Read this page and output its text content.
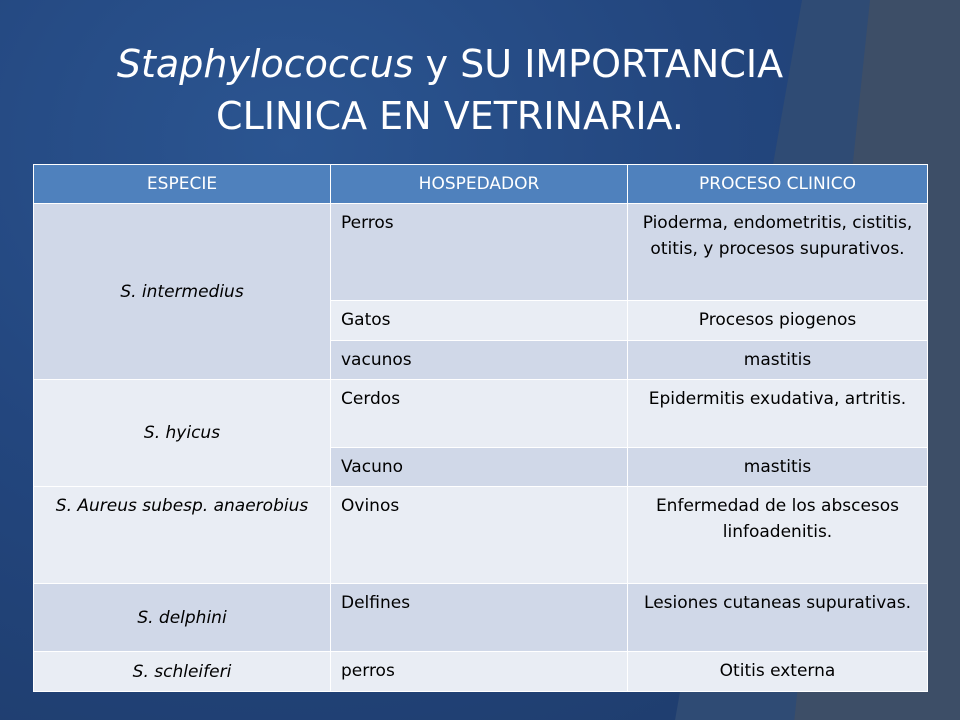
Staphylococcus y SU IMPORTANCIA
CLINICA EN VETRINARIA.
ESPECIE	HOSPEDADOR	PROCESO CLINICO
S. intermedius	Perros	Pioderma, endometritis, cistitis, otitis, y procesos supurativos.
	Gatos	Procesos piogenos
	vacunos	mastitis
S. hyicus	Cerdos	Epidermitis exudativa, artritis.
	Vacuno	mastitis
S. Aureus subesp. anaerobius	Ovinos	Enfermedad de los abscesos linfoadenitis.
S. delphini	Delfines	Lesiones cutaneas supurativas.
S. schleiferi	perros	Otitis externa
